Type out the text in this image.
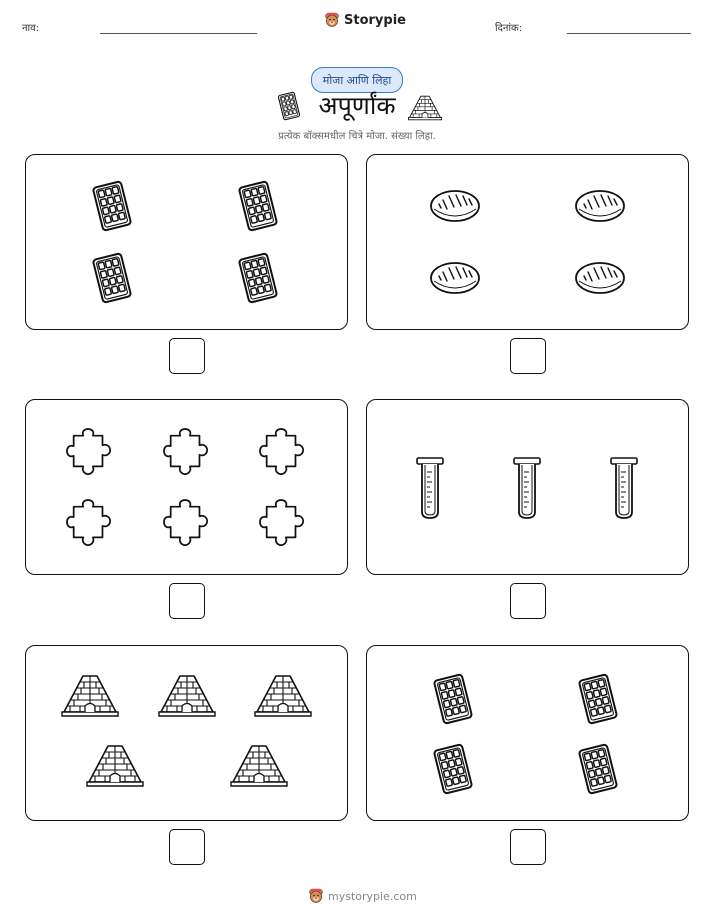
नाव:
Storypie
दिनांक:
मोजा आणि लिहा
अपूर्णांक
प्रत्येक बॉक्समधील चित्रे मोजा. संख्या लिहा.
mystorypie.com
